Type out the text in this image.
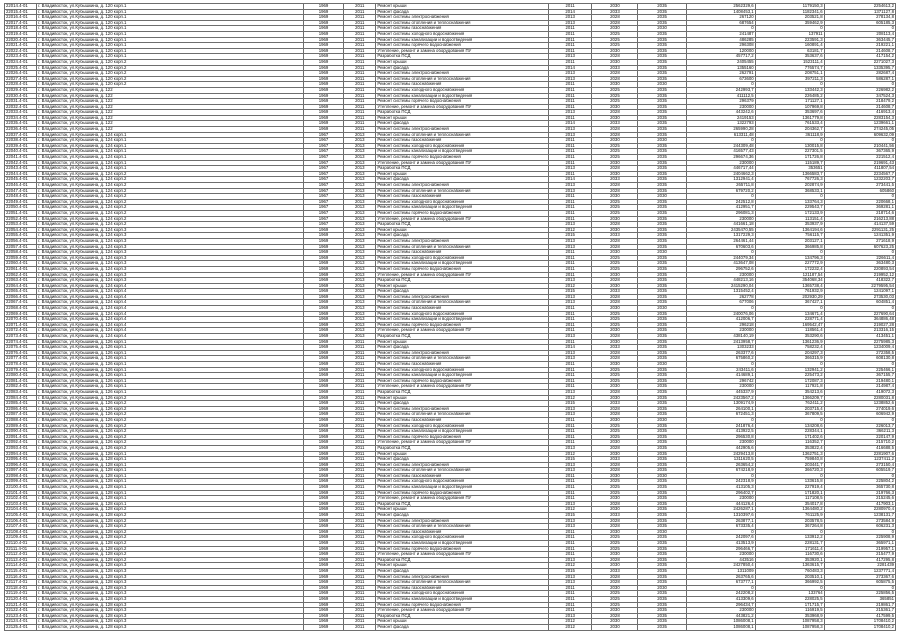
22014.4-01	г. Владивосток, ул.Кубышкина, д. 120 корп.1	1969	2011	Ремонт крыши	2011	2030	2035	2562329,6	1179150,3	2254613,2
22015.4-01	г. Владивосток, ул.Кубышкина, д. 120 корп.1	1969	2011	Ремонт фасада	2014	2033	2035	1408453,1	1182341,6	1371127,8
22016.4-01	г. Владивосток, ул.Кубышкина, д. 120 корп.1	1969	2011	Ремонт системы электроснабжения	2013	2028	2035	267120	203521,8	278134,8
22017.4-01	г. Владивосток, ул.Кубышкина, д. 120 корп.1	1969	2011	Ремонт системы отопления и теплоснабжения	2013	2028	2035	687654	359462,9	605185,3
22018.4-01	г. Владивосток, ул.Кубышкина, д. 120 корп.1	1969	2011	Ремонт системы газоснабжения	2011	2030	2030	0	0	0
22019.4-01	г. Владивосток, ул.Кубышкина, д. 120 корп.1	1969	2011	Ремонт системы холодного водоснабжения	2011	2025	2035	241487	137911	208113,4
22020.4-01	г. Владивосток, ул.Кубышкина, д. 120 корп.1	1969	2011	Ремонт системы канализации и водоотведения	2011	2025	2035	486285	223591,3	363445,7
22021.4-01	г. Владивосток, ул.Кубышкина, д. 120 корп.1	1969	2011	Ремонт системы горячего водоснабжения	2011	2025	2035	296308	160891,4	219221,1
22022.4-01	г. Владивосток, ул.Кубышкина, д. 120 корп.1	1969	2011	Утепление, ремонт и замена оборудования ПУ	2011	2030	2035	120000	63181,7	214608,7
22023.4-01	г. Владивосток, ул.Кубышкина, д. 120 корп.1	1969	2011	Разработка ПСД	2013	2028	2035	457717,2	353637,6	417154,2
22024.4-01	г. Владивосток, ул.Кубышкина, д. 120 корп.2	1969	2011	Ремонт крыши	2011	2030	2035	2405455	1523111,4	2271027,3
22025.4-01	г. Владивосток, ул.Кубышкина, д. 120 корп.2	1969	2011	Ремонт фасада	2014	2033	2035	1355160	776574,7	1335395,7
22026.4-01	г. Владивосток, ул.Кубышкина, д. 120 корп.2	1969	2011	Ремонт системы электроснабжения	2013	2028	2035	262791	208751,1	282687,4
22027.4-01	г. Владивосток, ул.Кубышкина, д. 120 корп.2	1969	2011	Ремонт системы отопления и теплоснабжения	2013	2028	2035	673600	397211,3	586287,1
22028.4-01	г. Владивосток, ул.Кубышкина, д. 120 корп.2	1969	2011	Ремонт системы газоснабжения	2011	2030	2030	0	0	0
22029.4-01	г. Владивосток, ул.Кубышкина, д. 122	1969	2011	Ремонт системы холодного водоснабжения	2011	2025	2035	242993,7	133442,3	226982,2
22030.4-01	г. Владивосток, ул.Кубышкина, д. 122	1969	2011	Ремонт системы канализации и водоотведения	2011	2025	2035	411112,5	226485,2	347524,3
22031.4-01	г. Владивосток, ул.Кубышкина, д. 122	1969	2011	Ремонт системы горячего водоснабжения	2011	2025	2035	296379	171127,1	218479,2
22032.4-01	г. Владивосток, ул.Кубышкина, д. 122	1969	2011	Утепление, ремонт и замена оборудования ПУ	2011	2030	2035	230000	107969,8	214608,7
22033.4-01	г. Владивосток, ул.Кубышкина, д. 122	1969	2011	Разработка ПСД	2013	2028	2035	443242,6	353697,6	416913,4
22034.4-01	г. Владивосток, ул.Кубышкина, д. 122	1969	2011	Ремонт крыши	2011	2030	2035	2419153	1361779,8	2283154,3
22035.4-01	г. Владивосток, ул.Кубышкина, д. 122	1969	2011	Ремонт фасада	2014	2033	2035	1322793	761533,4	1239661,1
22036.4-01	г. Владивосток, ул.Кубышкина, д. 122	1969	2011	Ремонт системы электроснабжения	2013	2028	2035	265990,28	204362,7	274245,05
22037.4-01	г. Владивосток, ул.Кубышкина, д. 124 корп.1	1967	2013	Ремонт системы отопления и теплоснабжения	2013	2028	2035	613311,48	361118,9	609632,09
22038.4-01	г. Владивосток, ул.Кубышкина, д. 124 корп.1	1967	2013	Ремонт системы газоснабжения	2011	2030	2030	0	0	0
22039.4-01	г. Владивосток, ул.Кубышкина, д. 124 корп.1	1967	2013	Ремонт системы холодного водоснабжения	2011	2025	2035	244309,48	130015,8	210441,56
22040.4-01	г. Владивосток, ул.Кубышкина, д. 124 корп.1	1967	2013	Ремонт системы канализации и водоотведения	2011	2025	2035	416577,43	227301,5	367365,9
22041.4-01	г. Владивосток, ул.Кубышкина, д. 124 корп.1	1967	2013	Ремонт системы горячего водоснабжения	2011	2025	2035	296674,36	171726,8	221512,4
22042.4-01	г. Владивосток, ул.Кубышкина, д. 124 корп.1	1967	2013	Утепление, ремонт и замена оборудования ПУ	2011	2030	2035	230000	115189,7	219691,43
22043.4-01	г. Владивосток, ул.Кубышкина, д. 124 корп.1	1967	2013	Разработка ПСД	2013	2028	2035	446717,44	353651	411807,54
22044.4-01	г. Владивосток, ул.Кубышкина, д. 124 корп.2	1967	2013	Ремонт крыши	2011	2030	2035	2404662,3	1366583,7	2234567,7
22045.4-01	г. Владивосток, ул.Кубышкина, д. 124 корп.2	1967	2013	Ремонт фасада	2014	2033	2035	1312941,4	767726,3	1232203,7
22046.4-01	г. Владивосток, ул.Кубышкина, д. 124 корп.2	1967	2013	Ремонт системы электроснабжения	2013	2028	2035	265711,8	202874,9	273441,5
22047.4-01	г. Владивосток, ул.Кубышкина, д. 124 корп.2	1967	2013	Ремонт системы отопления и теплоснабжения	2013	2028	2035	679720,2	368533,1	605860
22048.4-01	г. Владивосток, ул.Кубышкина, д. 124 корп.2	1967	2013	Ремонт системы газоснабжения	2011	2030	2030	0	0	0
22049.4-01	г. Владивосток, ул.Кубышкина, д. 124 корп.2	1967	2013	Ремонт системы холодного водоснабжения	2011	2025	2035	242512,8	133764,3	220668,1
22050.4-01	г. Владивосток, ул.Кубышкина, д. 124 корп.2	1967	2013	Ремонт системы канализации и водоотведения	2011	2025	2035	412951,7	229543,7	369281,1
22051.4-01	г. Владивосток, ул.Кубышкина, д. 124 корп.2	1967	2013	Ремонт системы горячего водоснабжения	2011	2025	2035	296081,3	172133,9	218714,6
22052.4-01	г. Владивосток, ул.Кубышкина, д. 124 корп.2	1967	2013	Утепление, ремонт и замена оборудования ПУ	2011	2030	2035	230000	113151,4	216213,88
22053.4-01	г. Владивосток, ул.Кубышкина, д. 124 корп.2	1967	2013	Разработка ПСД	2013	2028	2035	441661,18	353937,9	414137,59
22054.4-01	г. Владивосток, ул.Кубышкина, д. 124 корп.3	1969	2013	Ремонт крыши	2012	2030	2035	2435470,55	1364194,6	2291131,25
22055.4-01	г. Владивосток, ул.Кубышкина, д. 124 корп.3	1969	2013	Ремонт фасада	2015	2033	2035	1317229,3	756115,7	1241351,9
22056.4-01	г. Владивосток, ул.Кубышкина, д. 124 корп.3	1969	2013	Ремонт системы электроснабжения	2013	2028	2035	264461,44	203127,1	271618,9
22057.4-01	г. Владивосток, ул.Кубышкина, д. 124 корп.3	1969	2013	Ремонт системы отопления и теплоснабжения	2013	2028	2035	670603,6	366985,8	607623,25
22058.4-01	г. Владивосток, ул.Кубышкина, д. 124 корп.3	1969	2013	Ремонт системы газоснабжения	2011	2030	2030	0	0	0
22059.4-01	г. Владивосток, ул.Кубышкина, д. 124 корп.3	1969	2013	Ремонт системы холодного водоснабжения	2011	2025	2035	244079,34	134796,3	226611,4
22060.4-01	г. Владивосток, ул.Кубышкина, д. 124 корп.3	1969	2013	Ремонт системы канализации и водоотведения	2011	2025	2035	413647,08	227772,9	363480,3
22061.4-01	г. Владивосток, ул.Кубышкина, д. 124 корп.3	1969	2013	Ремонт системы горячего водоснабжения	2011	2025	2035	296752,6	172232,4	220893,54
22062.4-01	г. Владивосток, ул.Кубышкина, д. 124 корп.3	1969	2013	Утепление, ремонт и замена оборудования ПУ	2011	2030	2035	230000	121187,54	219952,12
22063.4-01	г. Владивосток, ул.Кубышкина, д. 124 корп.3	1969	2013	Разработка ПСД	2013	2028	2035	448213,16	354068,34	418322,7
22064.4-01	г. Владивосток, ул.Кубышкина, д. 124 корп.4	1969	2013	Ремонт крыши	2012	2030	2035	2415290,04	1365738,4	2279595,54
22065.4-01	г. Владивосток, ул.Кубышкина, д. 124 корп.4	1969	2013	Ремонт фасада	2015	2033	2035	1315452,4	761932,9	1241097,1
22066.4-01	г. Владивосток, ул.Кубышкина, д. 124 корп.4	1969	2013	Ремонт системы электроснабжения	2013	2028	2035	262778	202930,29	273530,03
22067.4-01	г. Владивосток, ул.Кубышкина, д. 124 корп.4	1969	2013	Ремонт системы отопления и теплоснабжения	2013	2028	2035	677006	367427,1	604851,4
22068.4-01	г. Владивосток, ул.Кубышкина, д. 124 корп.4	1969	2013	Ремонт системы газоснабжения	2011	2030	2030	0	0	0
22069.4-01	г. Владивосток, ул.Кубышкина, д. 124 корп.4	1969	2013	Ремонт системы холодного водоснабжения	2011	2025	2035	240076,06	134671,4	227690,64
22070.4-01	г. Владивосток, ул.Кубышкина, д. 124 корп.4	1969	2013	Ремонт системы канализации и водоотведения	2011	2025	2035	412006,7	228771,4	364886,48
22071.4-01	г. Владивосток, ул.Кубышкина, д. 124 корп.4	1969	2013	Ремонт системы горячего водоснабжения	2011	2025	2035	296218	169542,47	219027,28
22072.4-01	г. Владивосток, ул.Кубышкина, д. 124 корп.4	1969	2013	Утепление, ремонт и замена оборудования ПУ	2011	2030	2035	230000	118561,4	213316,15
22073.4-01	г. Владивосток, ул.Кубышкина, д. 124 корп.4	1969	2013	Разработка ПСД	2013	2028	2035	438140,19	353290,6	413451,1
22074.4-01	г. Владивосток, ул.Кубышкина, д. 126 корп.1	1969	2011	Ремонт крыши	2011	2030	2035	2413958,7	1361236,9	2275985,3
22075.4-01	г. Владивосток, ул.Кубышкина, д. 126 корп.1	1969	2011	Ремонт фасада	2014	2033	2035	1303233	758232,4	1234009,4
22076.4-01	г. Владивосток, ул.Кубышкина, д. 126 корп.1	1969	2011	Ремонт системы электроснабжения	2013	2028	2035	263377,6	204297,3	272358,5
22077.4-01	г. Владивосток, ул.Кубышкина, д. 126 корп.1	1969	2011	Ремонт системы отопления и теплоснабжения	2013	2028	2035	675860,2	366315,9	608130,8
22078.4-01	г. Владивосток, ул.Кубышкина, д. 126 корп.1	1969	2011	Ремонт системы газоснабжения	2011	2030	2030	0	0	0
22079.4-01	г. Владивосток, ул.Кубышкина, д. 126 корп.1	1969	2011	Ремонт системы холодного водоснабжения	2011	2025	2035	243411,6	132941,2	225466,1
22080.4-01	г. Владивосток, ул.Кубышкина, д. 126 корп.1	1969	2011	Ремонт системы канализации и водоотведения	2011	2025	2035	414689,1	225473,2	367155,7
22081.4-01	г. Владивосток, ул.Кубышкина, д. 126 корп.1	1969	2011	Ремонт системы горячего водоснабжения	2011	2025	2035	296742	172087,3	219480,1
22082.4-01	г. Владивосток, ул.Кубышкина, д. 126 корп.1	1969	2011	Утепление, ремонт и замена оборудования ПУ	2011	2030	2035	230000	117921,8	214987,4
22083.4-01	г. Владивосток, ул.Кубышкина, д. 126 корп.1	1969	2011	Разработка ПСД	2013	2028	2035	445337,9	354213,6	419072,3
22084.4-01	г. Владивосток, ул.Кубышкина, д. 126 корп.2	1969	2011	Ремонт крыши	2012	2030	2035	2423567,2	1366209,7	2280031,8
22085.4-01	г. Владивосток, ул.Кубышкина, д. 126 корп.2	1969	2011	Ремонт фасада	2015	2033	2035	1309174,9	762411,2	1238852,6
22086.4-01	г. Владивосток, ул.Кубышкина, д. 126 корп.2	1969	2011	Ремонт системы электроснабжения	2013	2028	2035	264100,1	203715,4	274019,6
22087.4-01	г. Владивосток, ул.Кубышкина, д. 126 корп.2	1969	2011	Ремонт системы отопления и теплоснабжения	2013	2028	2035	672451,3	367809,5	606942,9
22088.4-01	г. Владивосток, ул.Кубышкина, д. 126 корп.2	1969	2011	Ремонт системы газоснабжения	2011	2030	2030	0	0	0
22089.4-01	г. Владивосток, ул.Кубышкина, д. 126 корп.2	1969	2011	Ремонт системы холодного водоснабжения	2011	2025	2035	241876,4	134208,6	226013,7
22090.4-01	г. Владивосток, ул.Кубышкина, д. 126 корп.2	1969	2011	Ремонт системы канализации и водоотведения	2011	2025	2035	413922,5	228344,1	366211,3
22091.4-01	г. Владивосток, ул.Кубышкина, д. 126 корп.2	1969	2011	Ремонт системы горячего водоснабжения	2011	2025	2035	296530,8	171402,6	220147,9
22092.4-01	г. Владивосток, ул.Кубышкина, д. 126 корп.2	1969	2011	Утепление, ремонт и замена оборудования ПУ	2011	2030	2035	230000	116352,7	215710,2
22093.4-01	г. Владивосток, ул.Кубышкина, д. 126 корп.2	1969	2011	Разработка ПСД	2013	2028	2035	442905,6	353822,4	416688,5
22094.4-01	г. Владивосток, ул.Кубышкина, д. 128 корп.1	1969	2011	Ремонт крыши	2012	2030	2035	2429413,8	1362751,3	2281907,6
22095.4-01	г. Владивосток, ул.Кубышкина, д. 128 корп.1	1969	2011	Ремонт фасада	2015	2033	2035	1311620,5	759840,8	1237411,2
22096.4-01	г. Владивосток, ул.Кубышкина, д. 128 корп.1	1969	2011	Ремонт системы электроснабжения	2013	2028	2035	263654,2	203441,7	273150,4
22097.4-01	г. Владивосток, ул.Кубышкина, д. 128 корп.1	1969	2011	Ремонт системы отопления и теплоснабжения	2013	2028	2035	674218,9	366720,3	605519,7
22098.4-01	г. Владивосток, ул.Кубышкина, д. 128 корп.1	1969	2011	Ремонт системы газоснабжения	2011	2030	2030	0	0	0
22099.4-01	г. Владивосток, ул.Кубышкина, д. 128 корп.1	1969	2011	Ремонт системы холодного водоснабжения	2011	2025	2035	242318,9	133615,8	225804,2
22100.4-01	г. Владивосток, ул.Кубышкина, д. 128 корп.1	1969	2011	Ремонт системы канализации и водоотведения	2011	2025	2035	413105,3	227919,4	365730,8
22101.4-01	г. Владивосток, ул.Кубышкина, д. 128 корп.1	1969	2011	Ремонт системы горячего водоснабжения	2011	2025	2035	296402,7	171820,1	219766,3
22102.4-01	г. Владивосток, ул.Кубышкина, д. 128 корп.1	1969	2011	Утепление, ремонт и замена оборудования ПУ	2011	2030	2035	230000	117108,5	215245,6
22103.4-01	г. Владивосток, ул.Кубышкина, д. 128 корп.1	1969	2011	Разработка ПСД	2013	2028	2035	444126,4	354017,8	417903,1
22104.4-01	г. Владивосток, ул.Кубышкина, д. 128 корп.2	1969	2011	Ремонт крыши	2012	2030	2035	2426287,1	1364480,2	2280970,4
22105.4-01	г. Владивосток, ул.Кубышкина, д. 128 корп.2	1969	2011	Ремонт фасада	2015	2033	2035	1310397,6	761125,9	1238131,7
22106.4-01	г. Владивосток, ул.Кубышкина, д. 128 корп.2	1969	2011	Ремонт системы электроснабжения	2013	2028	2035	263877,1	203578,5	273584,9
22107.4-01	г. Владивосток, ул.Кубышкина, д. 128 корп.2	1969	2011	Ремонт системы отопления и теплоснабжения	2013	2028	2035	673335,4	367264,8	606231,3
22108.4-01	г. Владивосток, ул.Кубышкина, д. 128 корп.2	1969	2011	Ремонт системы газоснабжения	2011	2030	2030	0	0	0
22109.4-01	г. Владивосток, ул.Кубышкина, д. 128 корп.2	1969	2011	Ремонт системы холодного водоснабжения	2011	2025	2035	242097,6	133912,2	225908,9
22110.4-01	г. Владивосток, ул.Кубышкина, д. 128 корп.2	1969	2011	Ремонт системы канализации и водоотведения	2011	2025	2035	413513,9	228131,7	365971,1
22111.4-01	г. Владивосток, ул.Кубышкина, д. 128 корп.2	1969	2011	Ремонт системы горячего водоснабжения	2011	2025	2035	296466,7	171611,4	219957,1
22112.4-01	г. Владивосток, ул.Кубышкина, д. 128 корп.2	1969	2011	Утепление, ремонт и замена оборудования ПУ	2011	2030	2035	230000	116730,6	215477,9
22113.4-01	г. Владивосток, ул.Кубышкина, д. 128 корп.2	1969	2011	Разработка ПСД	2013	2028	2035	443516	353920,1	417295,8
22114.4-01	г. Владивосток, ул.Кубышкина, д. 128 корп.3	1969	2011	Ремонт крыши	2012	2030	2035	2427850,4	1363615,7	2281439
22115.4-01	г. Владивосток, ул.Кубышкина, д. 128 корп.3	1969	2011	Ремонт фасада	2015	2033	2035	1311009	760483,3	1237771,4
22116.4-01	г. Владивосток, ул.Кубышкина, д. 128 корп.3	1969	2011	Ремонт системы электроснабжения	2013	2028	2035	263765,6	203510,1	273367,6
22117.4-01	г. Владивосток, ул.Кубышкина, д. 128 корп.3	1969	2011	Ремонт системы отопления и теплоснабжения	2013	2028	2035	673777,1	366992,5	605875,5
22118.4-01	г. Владивосток, ул.Кубышкина, д. 128 корп.3	1969	2011	Ремонт системы газоснабжения	2011	2030	2030	0	0	0
22119.4-01	г. Владивосток, ул.Кубышкина, д. 128 корп.3	1969	2011	Ремонт системы холодного водоснабжения	2011	2025	2035	242208,2	133764	225856,5
22120.4-01	г. Владивосток, ул.Кубышкина, д. 128 корп.3	1969	2011	Ремонт системы канализации и водоотведения	2011	2025	2035	413309,6	228025,5	365851
22121.4-01	г. Владивосток, ул.Кубышкина, д. 128 корп.3	1969	2011	Ремонт системы горячего водоснабжения	2011	2025	2035	296434,7	171715,7	219861,7
22122.4-01	г. Владивосток, ул.Кубышкина, д. 128 корп.3	1969	2011	Утепление, ремонт и замена оборудования ПУ	2011	2030	2035	230000	116919,5	215361,7
22123.4-01	г. Владивосток, ул.Кубышкина, д. 128 корп.3	1969	2011	Разработка ПСД	2013	2028	2035	443821,2	353968,9	417599,5
22124.4-01	г. Владивосток, ул.Кубышкина, д. 128 корп.3	1969	2011	Ремонт крыши	2012	2030	2035	1086008,1	1087958,3	1708410,2
22125.4-01	г. Владивосток, ул.Кубышкина, д. 128 корп.3	1969	2011	Ремонт фасада	2012	2030	2035	1086008,1	1087958,3	1708410,2
